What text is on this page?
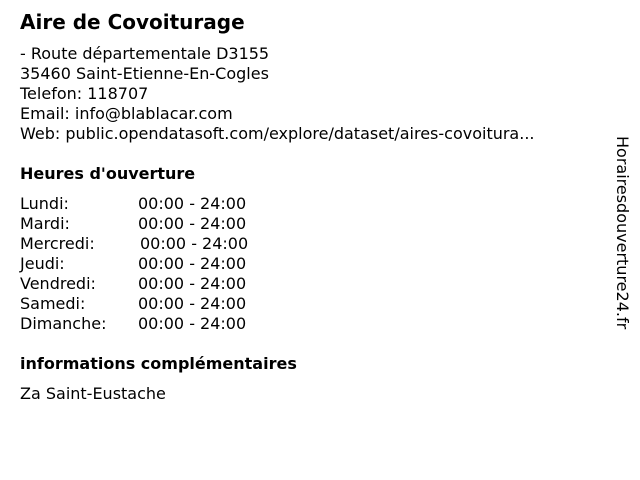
Aire de Covoiturage
- Route départementale D3155
35460 Saint-Etienne-En-Cogles
Telefon: 118707
Email: info@blablacar.com
Web: public.opendatasoft.com/explore/dataset/aires-covoitura...
Heures d'ouverture
Lundi:	00:00 - 24:00
Mardi:	00:00 - 24:00
Mercredi:	00:00 - 24:00
Jeudi:	00:00 - 24:00
Vendredi:	00:00 - 24:00
Samedi:	00:00 - 24:00
Dimanche: 00:00 - 24:00
informations complémentaires
Za Saint-Eustache
Horairesdouverture24.fr
